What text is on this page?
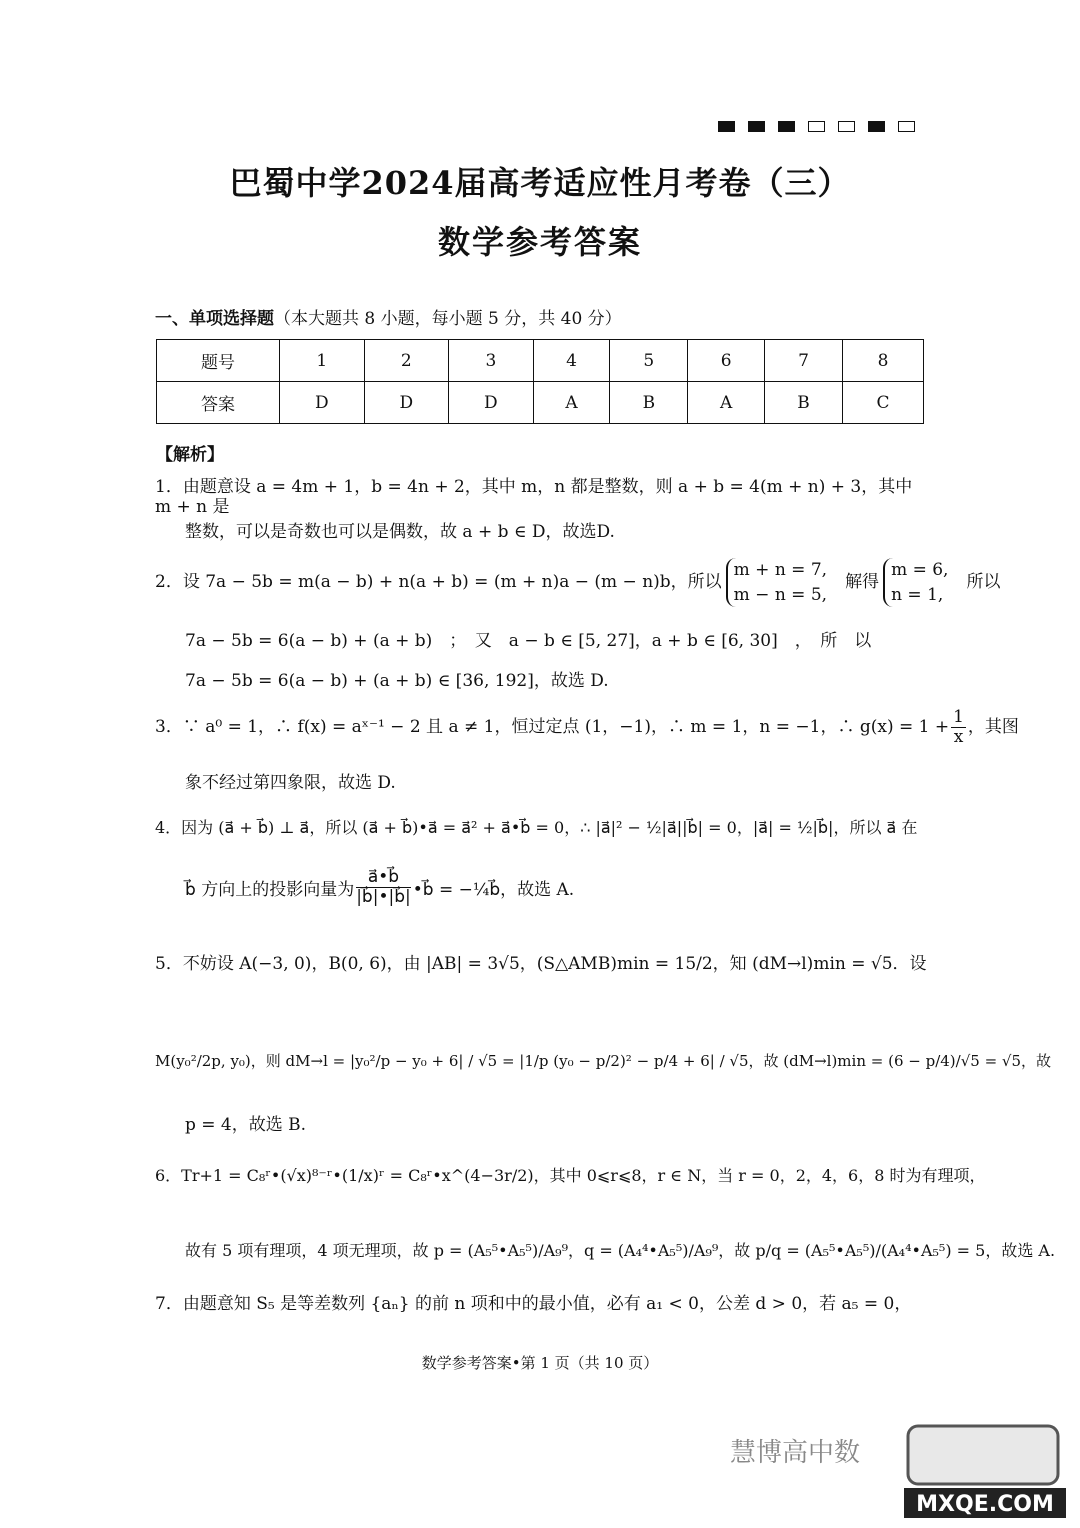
巴蜀中学2024届高考适应性月考卷（三）
数学参考答案
一、单项选择题（本大题共 8 小题，每小题 5 分，共 40 分）
题号	1	2	3	4	5	6	7	8
答案	D	D	D	A	B	A	B	C
【解析】
1．由题意设 a = 4m + 1，b = 4n + 2，其中 m，n 都是整数，则 a + b = 4(m + n) + 3，其中 m + n 是
整数，可以是奇数也可以是偶数，故 a + b ∈ D，故选D.
2．设 7a − 5b = m(a − b) + n(a + b) = (m + n)a − (m − n)b，所以
m + n = 7,
m − n = 5,
解得
m = 6,
n = 1,
所以
7a − 5b = 6(a − b) + (a + b)　；　又　a − b ∈ [5, 27]，a + b ∈ [6, 30]　，　所　以
7a − 5b = 6(a − b) + (a + b) ∈ [36, 192]，故选 D.
3．∵ a⁰ = 1，∴ f(x) = aˣ⁻¹ − 2 且 a ≠ 1，恒过定点 (1，−1)，∴ m = 1，n = −1，∴ $g(x) = 1 + \frac{1}{x}$ ，其图
象不经过第四象限，故选 D.
4．因为 (a⃗ + b⃗) ⊥ a⃗，所以 (a⃗ + b⃗)•a⃗ = a⃗² + a⃗•b⃗ = 0，∴ |a⃗|² − ½|a⃗||b⃗| = 0，|a⃗| = ½|b⃗|，所以 a⃗ 在
b⃗ 方向上的投影向量为 $\frac{a⃗•b⃗}{|b⃗|•|b⃗|}$ •b⃗ = −¼b⃗，故选 A.
5．不妨设 A(−3, 0)，B(0, 6)，由 |AB| = 3√5，(S△AMB)min = 15/2，知 (dM→l)min = √5．设
M(y₀²/2p, y₀)，则 dM→l = |y₀²/p − y₀ + 6| / √5 = |1/p (y₀ − p/2)² − p/4 + 6| / √5，故 (dM→l)min = (6 − p/4)/√5 = √5，故
p = 4，故选 B.
6．Tr+1 = C₈ʳ•(√x)⁸⁻ʳ•(1/x)ʳ = C₈ʳ•x^(4−3r/2)，其中 0⩽r⩽8，r ∈ N，当 r = 0，2，4，6，8 时为有理项，
故有 5 项有理项，4 项无理项，故 p = (A₅⁵•A₅⁵)/A₉⁹，q = (A₄⁴•A₅⁵)/A₉⁹，故 p/q = (A₅⁵•A₅⁵)/(A₄⁴•A₅⁵) = 5，故选 A.
7．由题意知 S₅ 是等差数列 {aₙ} 的前 n 项和中的最小值，必有 a₁ < 0，公差 d > 0，若 a₅ = 0，
数学参考答案•第 1 页（共 10 页）
慧博高中数
MXQE.COM
